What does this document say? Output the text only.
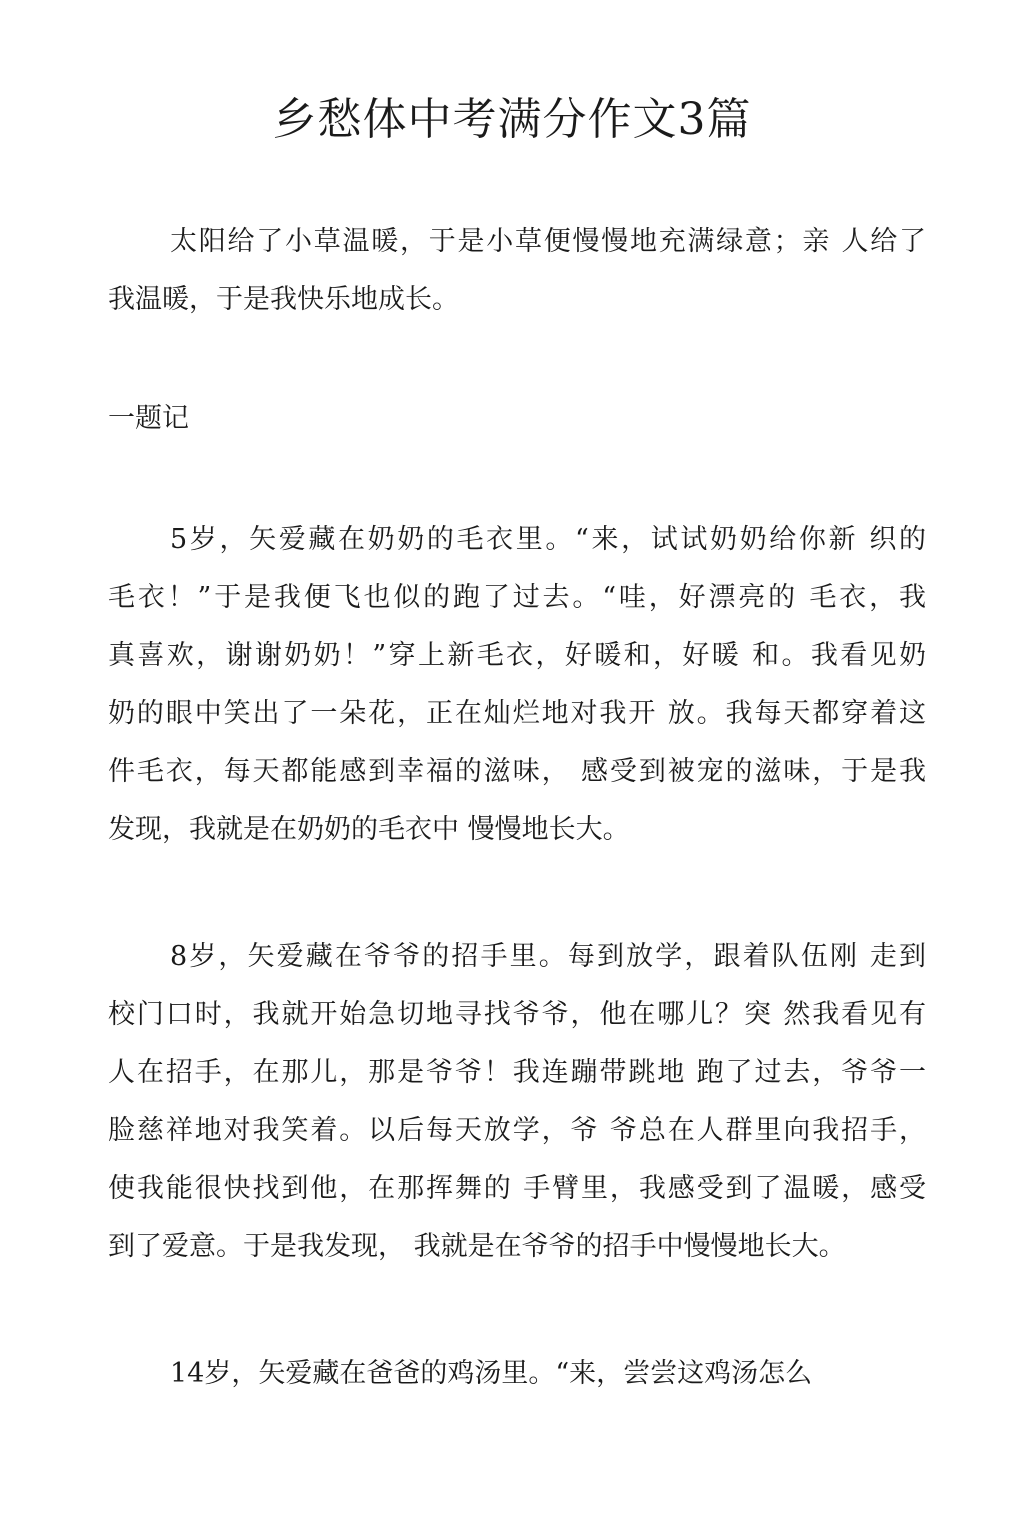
乡愁体中考满分作文3篇
太阳给了小草温暖，于是小草便慢慢地充满绿意；亲 人给了
我温暖，于是我快乐地成长。
一题记
5岁，矢爱藏在奶奶的毛衣里。“来，试试奶奶给你新 织的
毛衣！”于是我便飞也似的跑了过去。“哇，好漂亮的 毛衣，我
真喜欢，谢谢奶奶！”穿上新毛衣，好暖和，好暖 和。我看见奶
奶的眼中笑出了一朵花，正在灿烂地对我开 放。我每天都穿着这
件毛衣，每天都能感到幸福的滋味， 感受到被宠的滋味，于是我
发现，我就是在奶奶的毛衣中 慢慢地长大。
8岁，矢爱藏在爷爷的招手里。每到放学，跟着队伍刚 走到
校门口时，我就开始急切地寻找爷爷，他在哪儿？突 然我看见有
人在招手，在那儿，那是爷爷！我连蹦带跳地 跑了过去，爷爷一
脸慈祥地对我笑着。以后每天放学，爷 爷总在人群里向我招手，
使我能很快找到他，在那挥舞的 手臂里，我感受到了温暖，感受
到了爱意。于是我发现， 我就是在爷爷的招手中慢慢地长大。
14岁，矢爱藏在爸爸的鸡汤里。“来，尝尝这鸡汤怎么
